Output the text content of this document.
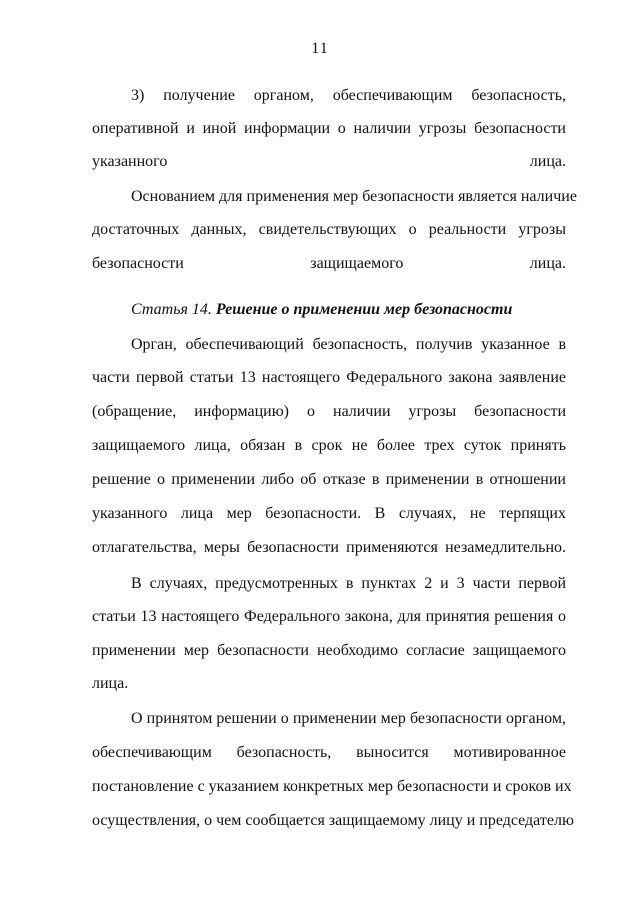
11
3) получение органом, обеспечивающим безопасность,
оперативной и иной информации о наличии угрозы безопасности
указанного лица.
Основанием для применения мер безопасности является наличие
достаточных данных, свидетельствующих о реальности угрозы
безопасности защищаемого лица.
Статья 14. Решение о применении мер безопасности
Орган, обеспечивающий безопасность, получив указанное в
части первой статьи 13 настоящего Федерального закона заявление
(обращение, информацию) о наличии угрозы безопасности
защищаемого лица, обязан в срок не более трех суток принять
решение о применении либо об отказе в применении в отношении
указанного лица мер безопасности. В случаях, не терпящих
отлагательства, меры безопасности применяются незамедлительно.
В случаях, предусмотренных в пунктах 2 и 3 части первой
статьи 13 настоящего Федерального закона, для принятия решения о
применении мер безопасности необходимо согласие защищаемого
лица.
О принятом решении о применении мер безопасности органом,
обеспечивающим безопасность, выносится мотивированное
постановление с указанием конкретных мер безопасности и сроков их
осуществления, о чем сообщается защищаемому лицу и председателю
